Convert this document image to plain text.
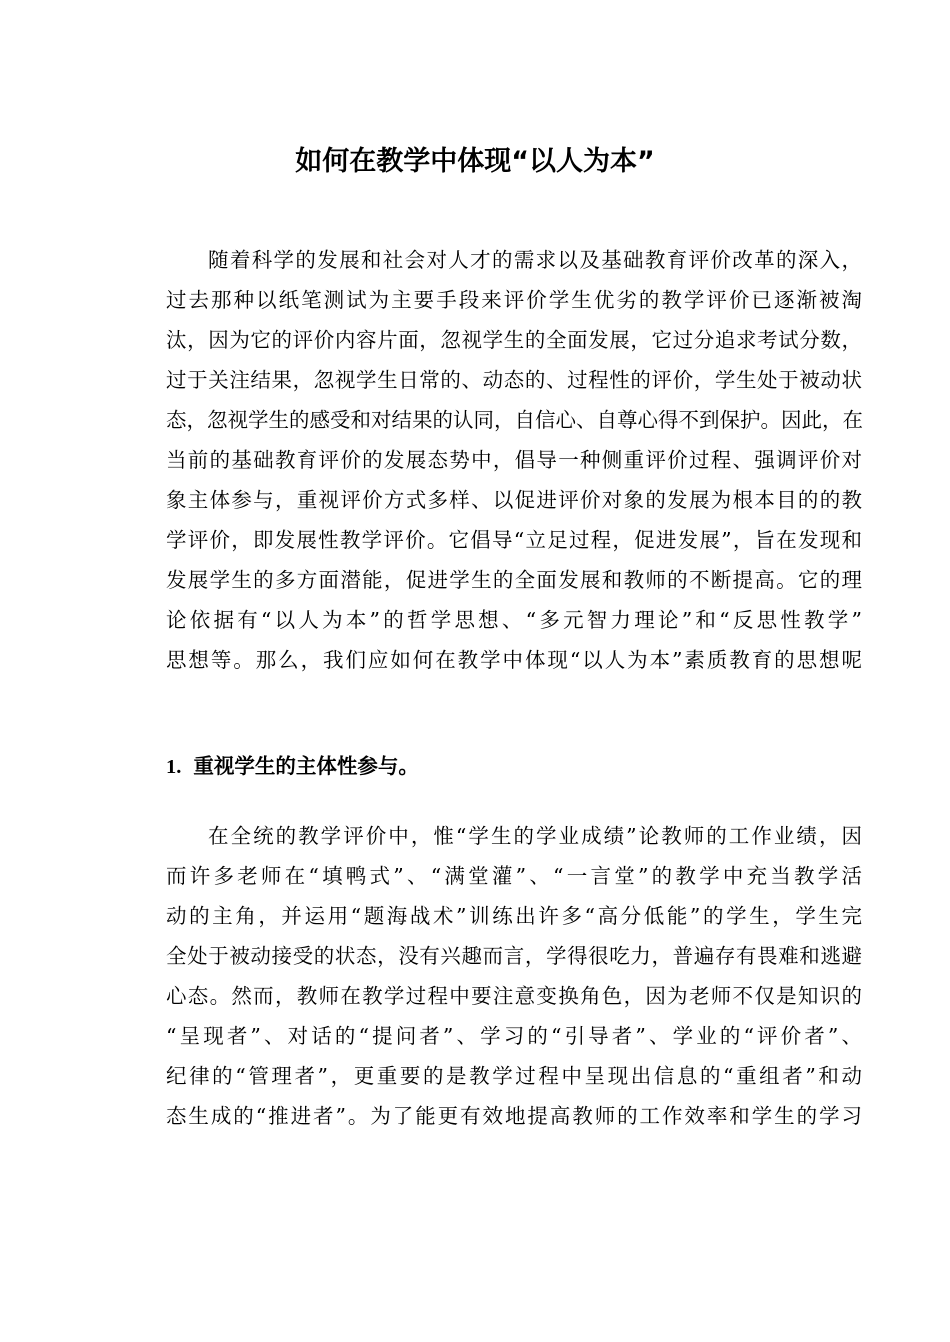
如何在教学中体现“以人为本”
随着科学的发展和社会对人才的需求以及基础教育评价改革的深入，
过去那种以纸笔测试为主要手段来评价学生优劣的教学评价已逐渐被淘
汰，因为它的评价内容片面，忽视学生的全面发展，它过分追求考试分数，
过于关注结果，忽视学生日常的、动态的、过程性的评价，学生处于被动状
态，忽视学生的感受和对结果的认同，自信心、自尊心得不到保护。因此，在
当前的基础教育评价的发展态势中，倡导一种侧重评价过程、强调评价对
象主体参与，重视评价方式多样、以促进评价对象的发展为根本目的的教
学评价，即发展性教学评价。它倡导“立足过程，促进发展”，旨在发现和
发展学生的多方面潜能，促进学生的全面发展和教师的不断提高。它的理
论依据有“以人为本”的哲学思想、“多元智力理论”和“反思性教学”
思想等。那么，我们应如何在教学中体现“以人为本”素质教育的思想呢
1. 重视学生的主体性参与。
在全统的教学评价中，惟“学生的学业成绩”论教师的工作业绩，因
而许多老师在“填鸭式”、“满堂灌”、“一言堂”的教学中充当教学活
动的主角，并运用“题海战术”训练出许多“高分低能”的学生，学生完
全处于被动接受的状态，没有兴趣而言，学得很吃力，普遍存有畏难和逃避
心态。然而，教师在教学过程中要注意变换角色，因为老师不仅是知识的
“呈现者”、对话的“提问者”、学习的“引导者”、学业的“评价者”、
纪律的“管理者”，更重要的是教学过程中呈现出信息的“重组者”和动
态生成的“推进者”。为了能更有效地提高教师的工作效率和学生的学习
